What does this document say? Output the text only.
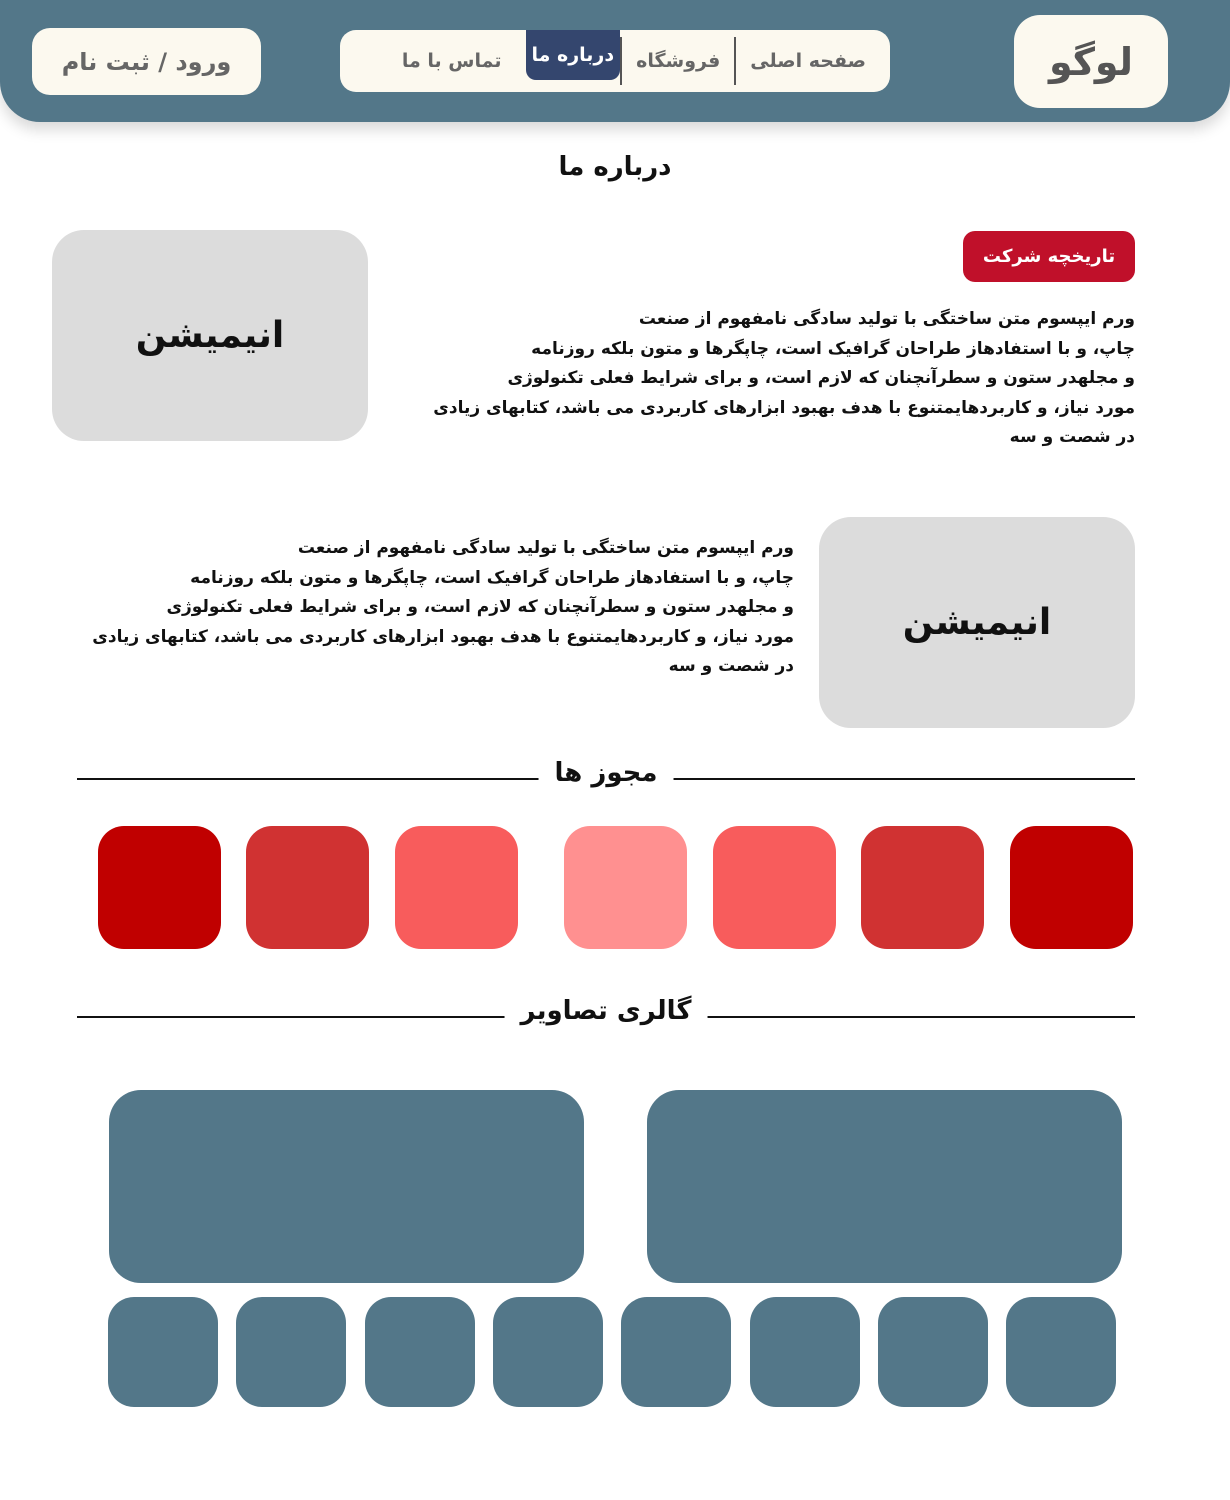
لوگو
صفحه اصلی
فروشگاه
درباره ما
تماس با ما
ورود / ثبت نام
درباره ما
تاریخچه شرکت
ورم ایپسوم متن ساختگی با تولید سادگی نامفهوم از صنعت
چاپ، و با استفادهاز طراحان گرافیک است، چاپگرها و متون بلکه روزنامه
و مجلهدر ستون و سطرآنچنان که لازم است، و برای شرایط فعلی تکنولوژی
مورد نیاز، و کاربردهایمتنوع با هدف بهبود ابزارهای کاربردی می باشد، کتابهای زیادی
در شصت و سه
انیمیشن
انیمیشن
ورم ایپسوم متن ساختگی با تولید سادگی نامفهوم از صنعت
چاپ، و با استفادهاز طراحان گرافیک است، چاپگرها و متون بلکه روزنامه
و مجلهدر ستون و سطرآنچنان که لازم است، و برای شرایط فعلی تکنولوژی
مورد نیاز، و کاربردهایمتنوع با هدف بهبود ابزارهای کاربردی می باشد، کتابهای زیادی
در شصت و سه
مجوز ها
گالری تصاویر
